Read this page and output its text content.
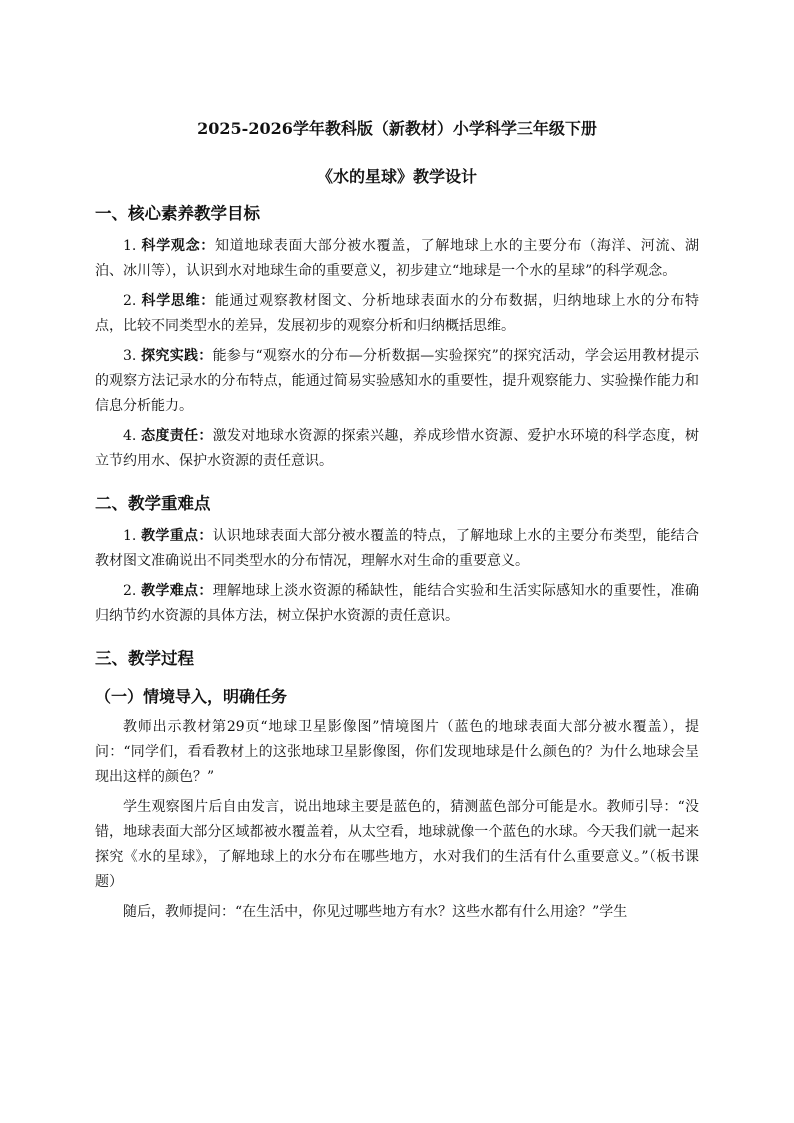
2025-2026学年教科版（新教材）小学科学三年级下册

《水的星球》教学设计

一、核心素养教学目标

1. 科学观念：知道地球表面大部分被水覆盖，了解地球上水的主要分布（海洋、河流、湖泊、冰川等），认识到水对地球生命的重要意义，初步建立“地球是一个水的星球”的科学观念。

2. 科学思维：能通过观察教材图文、分析地球表面水的分布数据，归纳地球上水的分布特点，比较不同类型水的差异，发展初步的观察分析和归纳概括思维。

3. 探究实践：能参与“观察水的分布—分析数据—实验探究”的探究活动，学会运用教材提示的观察方法记录水的分布特点，能通过简易实验感知水的重要性，提升观察能力、实验操作能力和信息分析能力。

4. 态度责任：激发对地球水资源的探索兴趣，养成珍惜水资源、爱护水环境的科学态度，树立节约用水、保护水资源的责任意识。

二、教学重难点

1. 教学重点：认识地球表面大部分被水覆盖的特点，了解地球上水的主要分布类型，能结合教材图文准确说出不同类型水的分布情况，理解水对生命的重要意义。

2. 教学难点：理解地球上淡水资源的稀缺性，能结合实验和生活实际感知水的重要性，准确归纳节约水资源的具体方法，树立保护水资源的责任意识。

三、教学过程

（一）情境导入，明确任务

教师出示教材第29页“地球卫星影像图”情境图片（蓝色的地球表面大部分被水覆盖），提问：“同学们，看看教材上的这张地球卫星影像图，你们发现地球是什么颜色的？为什么地球会呈现出这样的颜色？”

学生观察图片后自由发言，说出地球主要是蓝色的，猜测蓝色部分可能是水。教师引导：“没错，地球表面大部分区域都被水覆盖着，从太空看，地球就像一个蓝色的水球。今天我们就一起来探究《水的星球》，了解地球上的水分布在哪些地方，水对我们的生活有什么重要意义。”（板书课题）

随后，教师提问：“在生活中，你见过哪些地方有水？这些水都有什么用途？”学生
